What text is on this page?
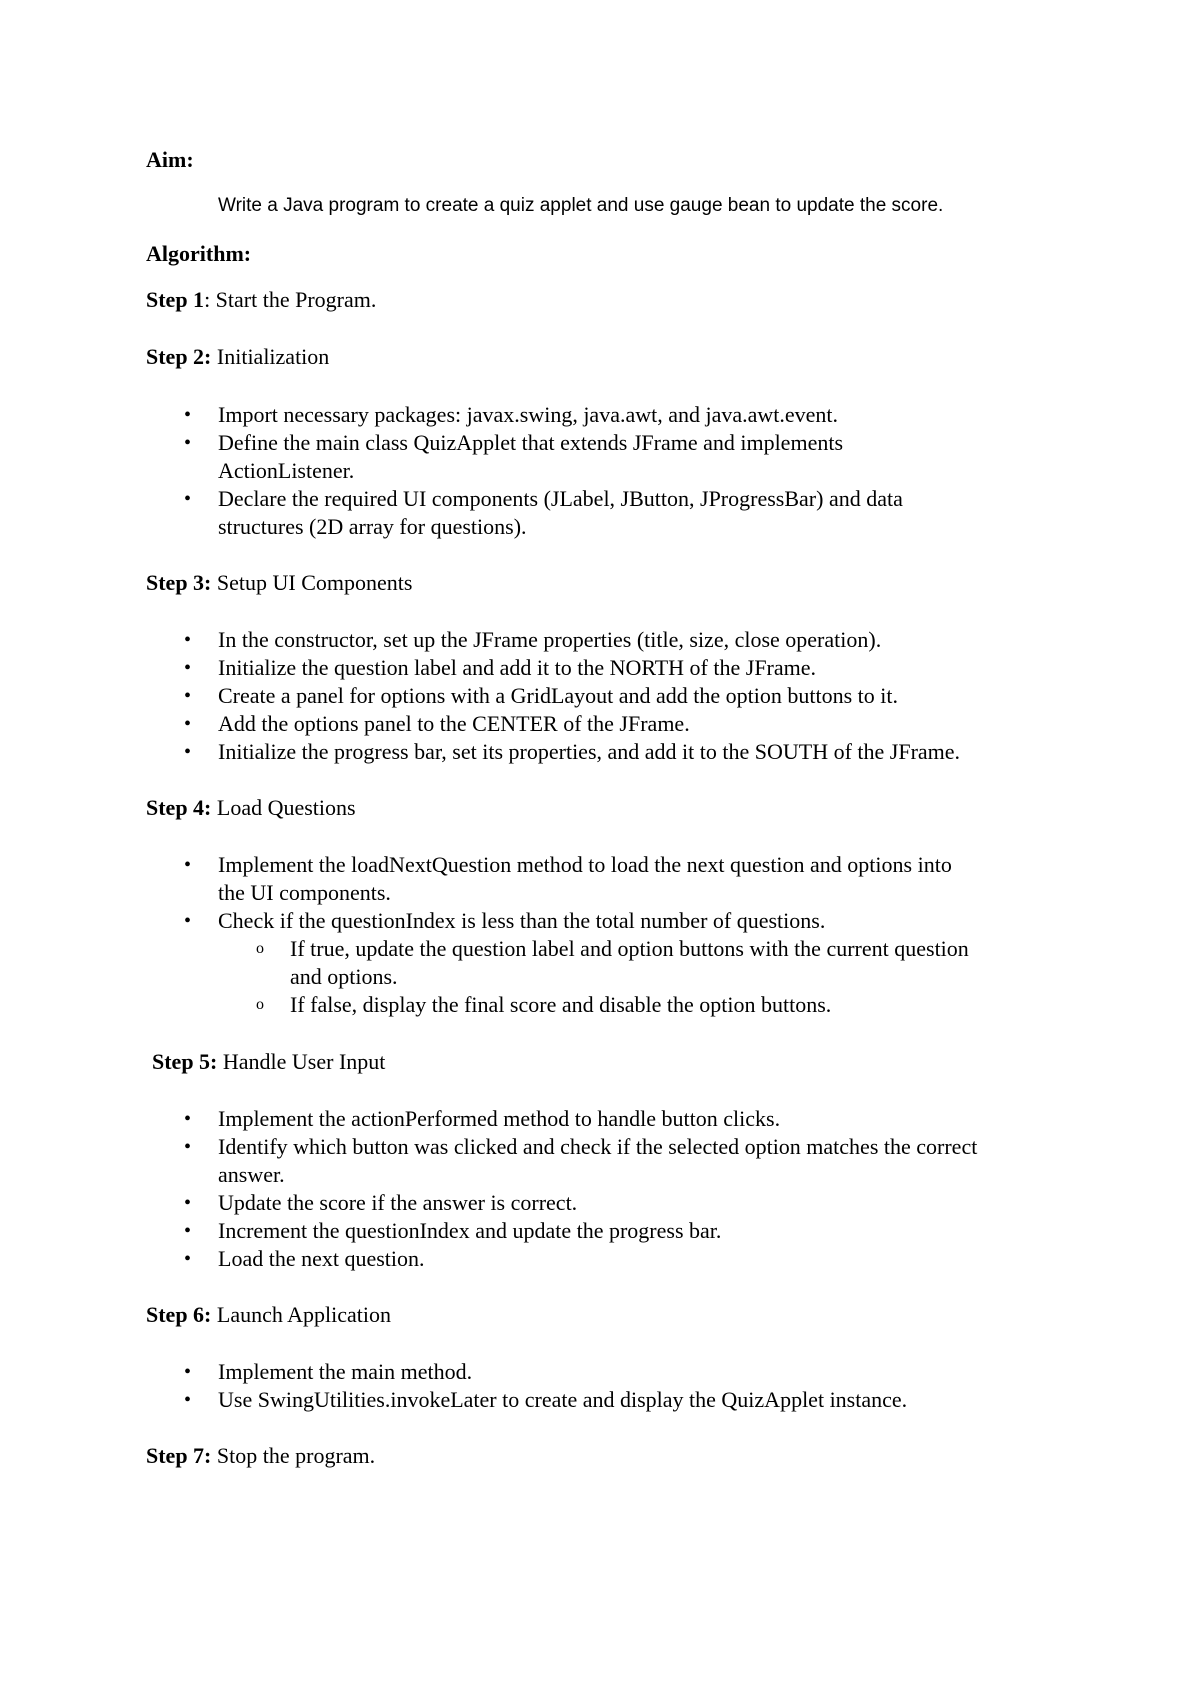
Aim:
Write a Java program to create a quiz applet and use gauge bean to update the score.
Algorithm:
Step 1: Start the Program.
Step 2: Initialization
• Import necessary packages: javax.swing, java.awt, and java.awt.event.
• Define the main class QuizApplet that extends JFrame and implements
ActionListener.
• Declare the required UI components (JLabel, JButton, JProgressBar) and data
structures (2D array for questions).
Step 3: Setup UI Components
• In the constructor, set up the JFrame properties (title, size, close operation).
• Initialize the question label and add it to the NORTH of the JFrame.
• Create a panel for options with a GridLayout and add the option buttons to it.
• Add the options panel to the CENTER of the JFrame.
• Initialize the progress bar, set its properties, and add it to the SOUTH of the JFrame.
Step 4: Load Questions
• Implement the loadNextQuestion method to load the next question and options into
the UI components.
• Check if the questionIndex is less than the total number of questions.
o If true, update the question label and option buttons with the current question
and options.
o If false, display the final score and disable the option buttons.
Step 5: Handle User Input
• Implement the actionPerformed method to handle button clicks.
• Identify which button was clicked and check if the selected option matches the correct
answer.
• Update the score if the answer is correct.
• Increment the questionIndex and update the progress bar.
• Load the next question.
Step 6: Launch Application
• Implement the main method.
• Use SwingUtilities.invokeLater to create and display the QuizApplet instance.
Step 7: Stop the program.
